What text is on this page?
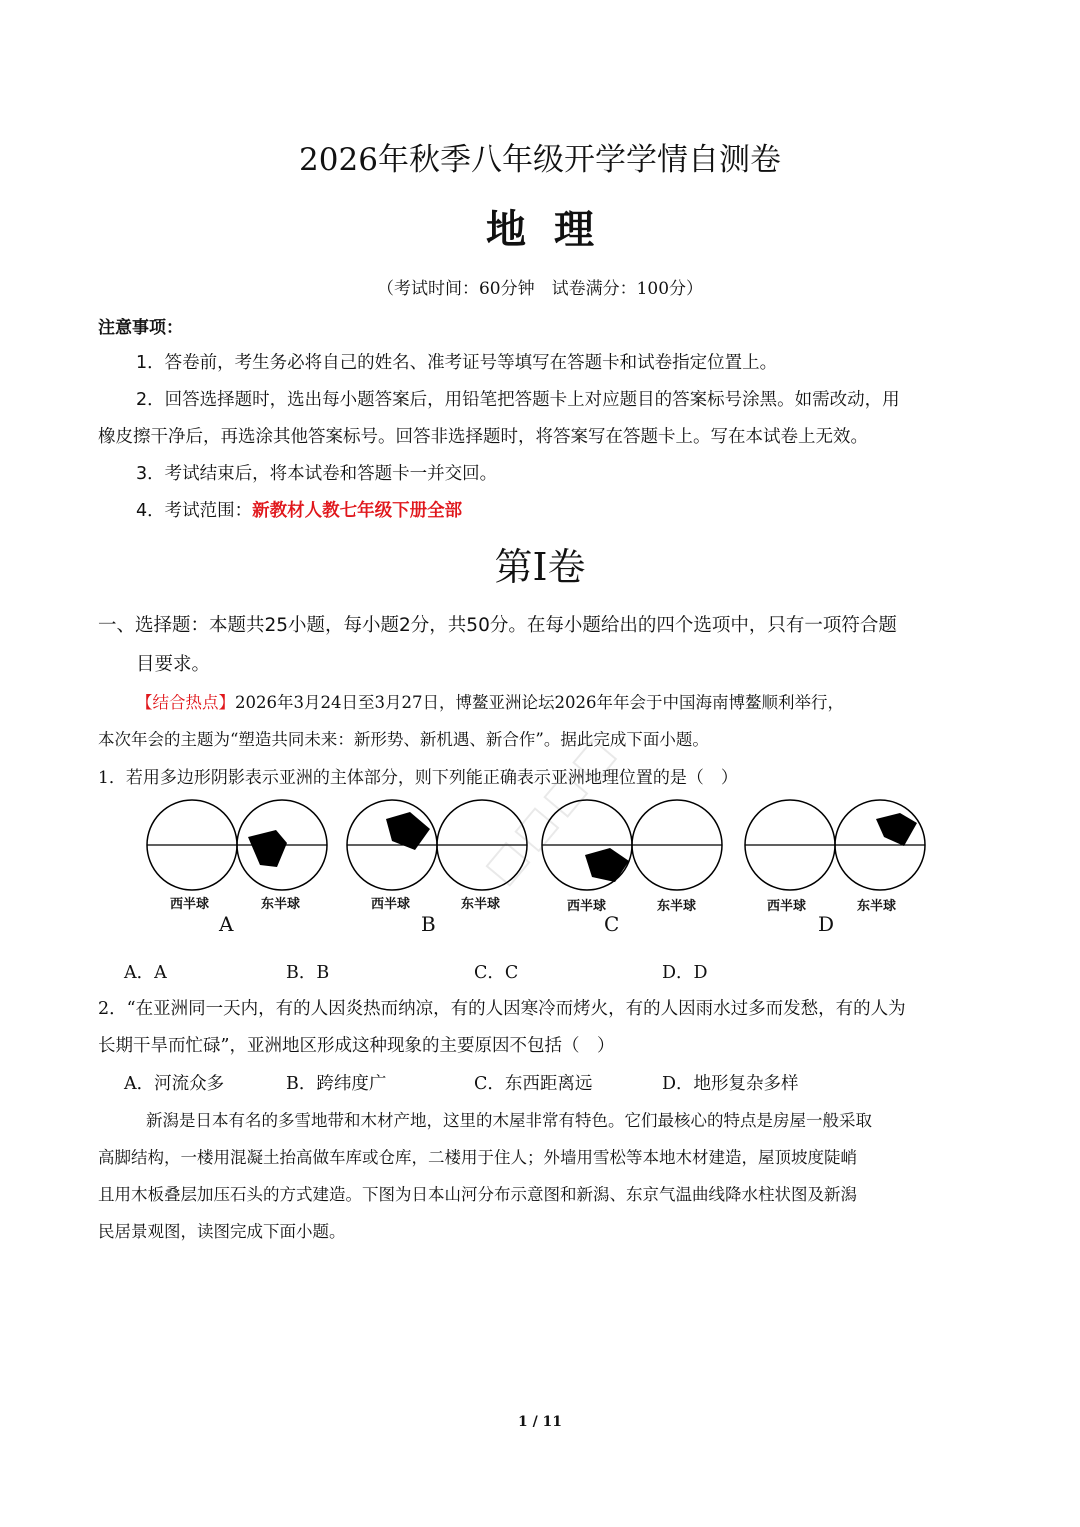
2026年秋季八年级开学学情自测卷
地 理
（考试时间：60分钟　试卷满分：100分）
注意事项：
1．答卷前，考生务必将自己的姓名、准考证号等填写在答题卡和试卷指定位置上。
2．回答选择题时，选出每小题答案后，用铅笔把答题卡上对应题目的答案标号涂黑。如需改动，用
橡皮擦干净后，再选涂其他答案标号。回答非选择题时，将答案写在答题卡上。写在本试卷上无效。
3．考试结束后，将本试卷和答题卡一并交回。
4．考试范围：新教材人教七年级下册全部
第I卷
一、选择题：本题共25小题，每小题2分，共50分。在每小题给出的四个选项中，只有一项符合题
目要求。
【结合热点】2026年3月24日至3月27日，博鳌亚洲论坛2026年年会于中国海南博鳌顺利举行，
本次年会的主题为“塑造共同未来：新形势、新机遇、新合作”。据此完成下面小题。
1．若用多边形阴影表示亚洲的主体部分，则下列能正确表示亚洲地理位置的是（　）
西半球	东半球	西半球	东半球	西半球	东半球	西半球	东半球
A	B	C	D
A．A	B．B	C．C	D．D
2．“在亚洲同一天内，有的人因炎热而纳凉，有的人因寒冷而烤火，有的人因雨水过多而发愁，有的人为
长期干旱而忙碌”，亚洲地区形成这种现象的主要原因不包括（　）
A．河流众多	B．跨纬度广	C．东西距离远	D．地形复杂多样
新潟是日本有名的多雪地带和木材产地，这里的木屋非常有特色。它们最核心的特点是房屋一般采取
高脚结构，一楼用混凝土抬高做车库或仓库，二楼用于住人；外墙用雪松等本地木材建造，屋顶坡度陡峭
且用木板叠层加压石头的方式建造。下图为日本山河分布示意图和新潟、东京气温曲线降水柱状图及新潟
民居景观图，读图完成下面小题。
1 / 11
